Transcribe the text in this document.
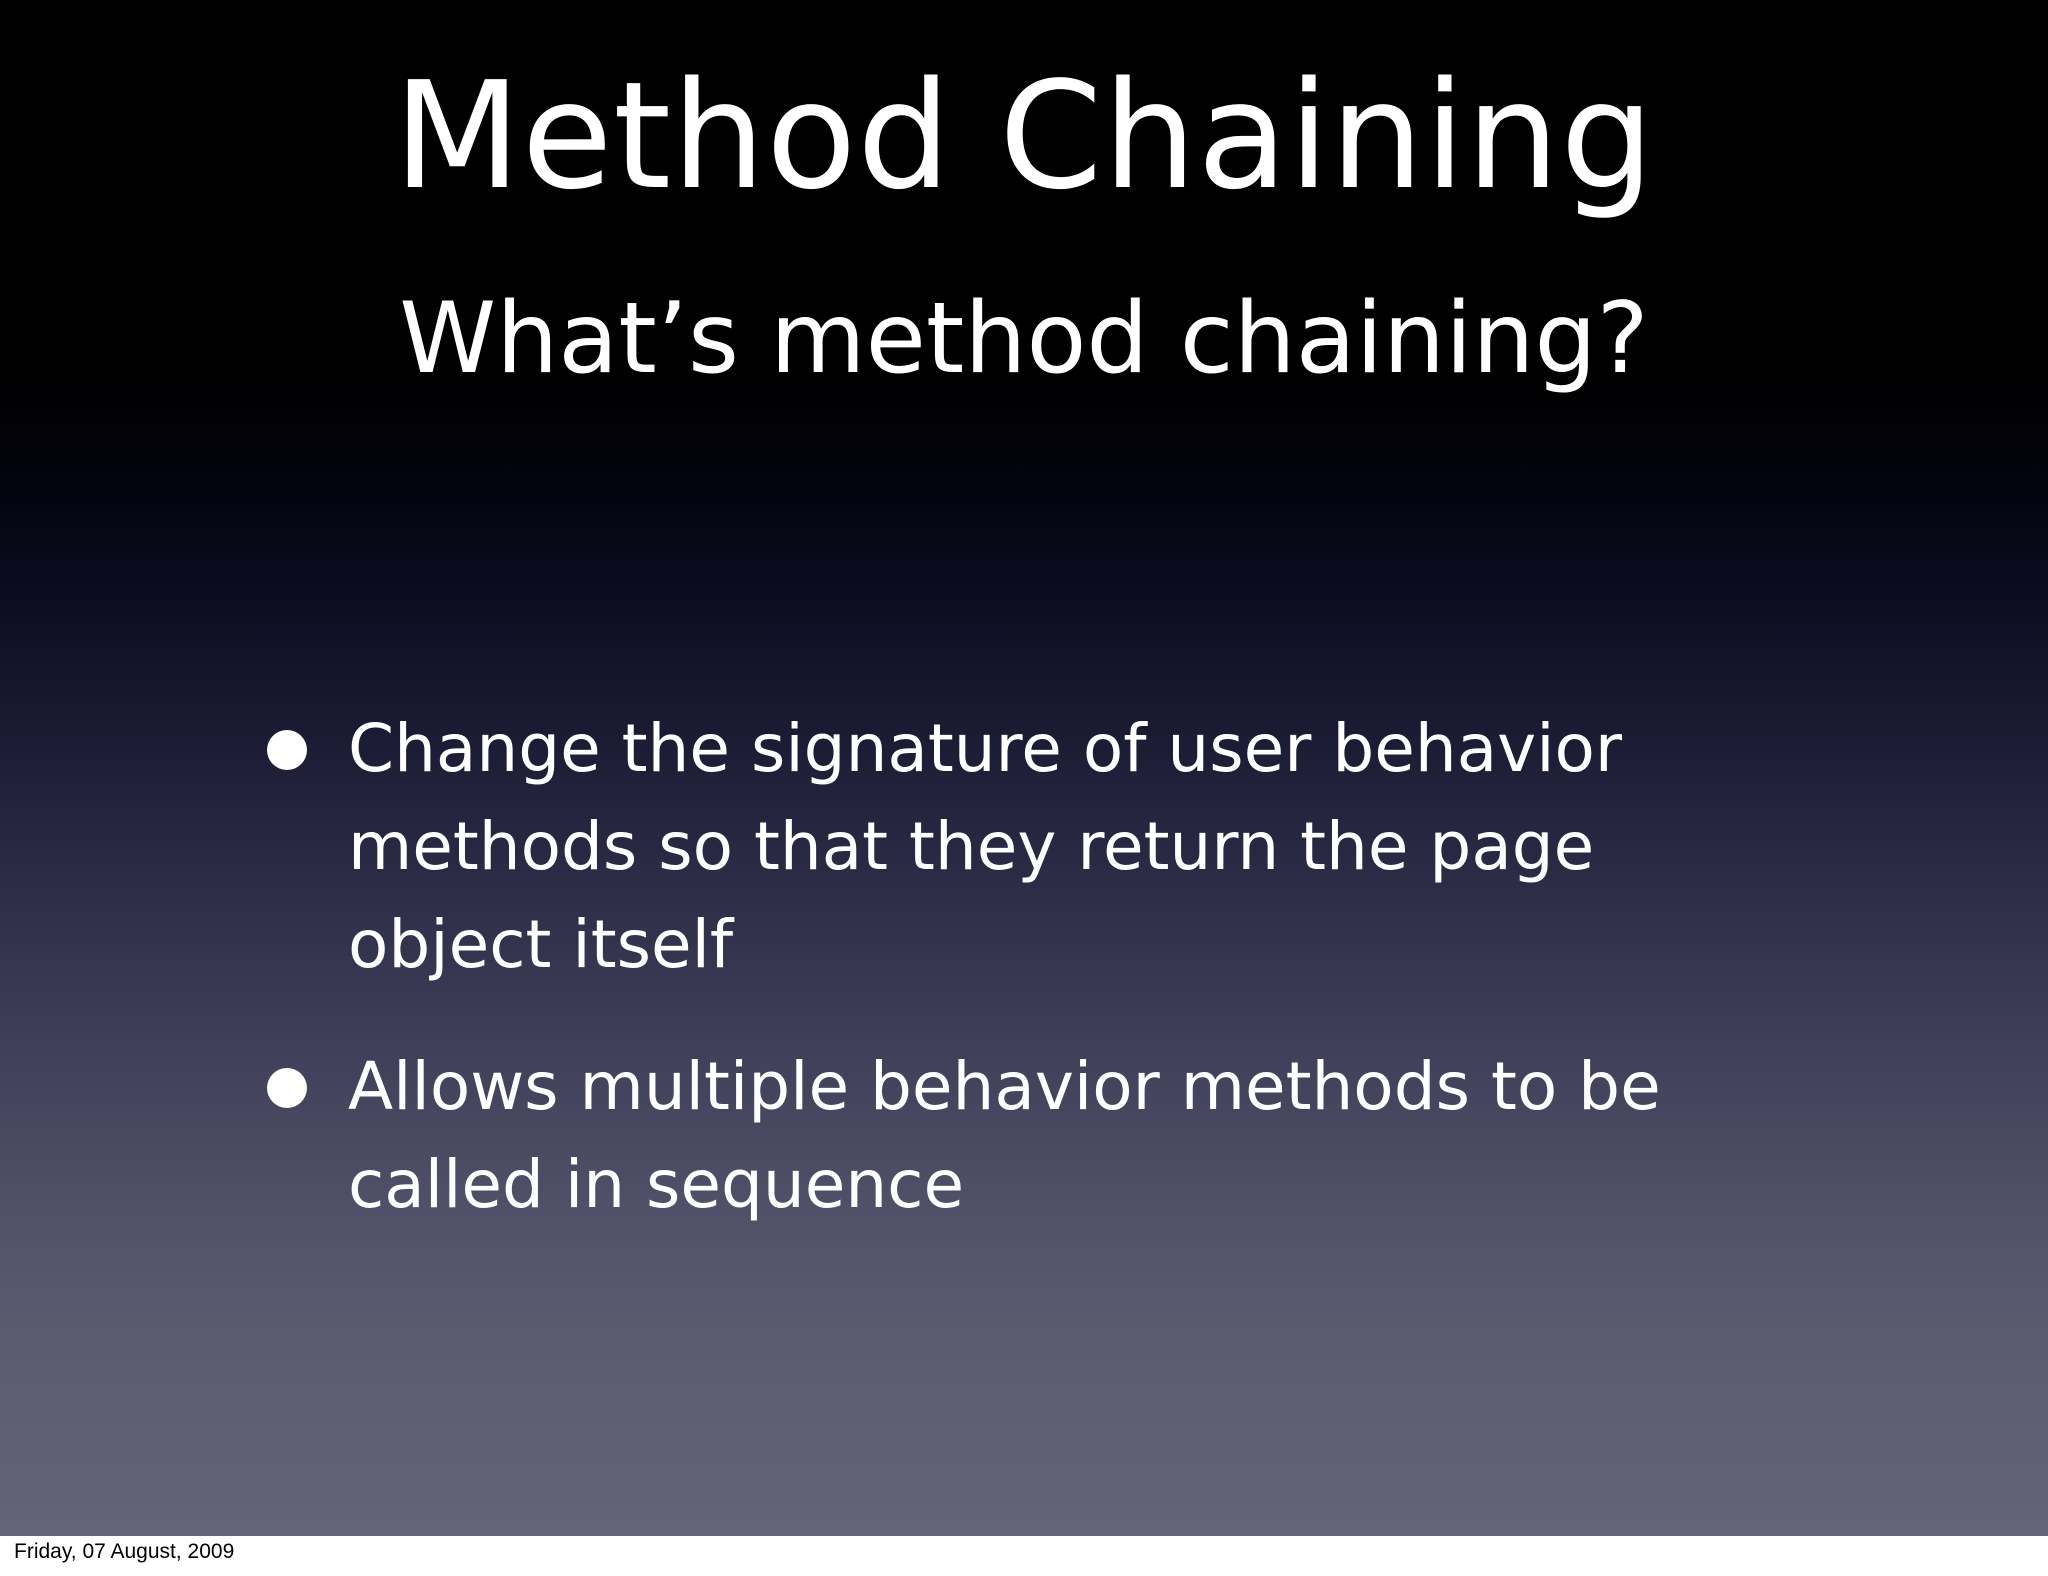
Method Chaining
What’s method chaining?
Change the signature of user behavior methods so that they return the page object itself
Allows multiple behavior methods to be called in sequence
Friday, 07 August, 2009
